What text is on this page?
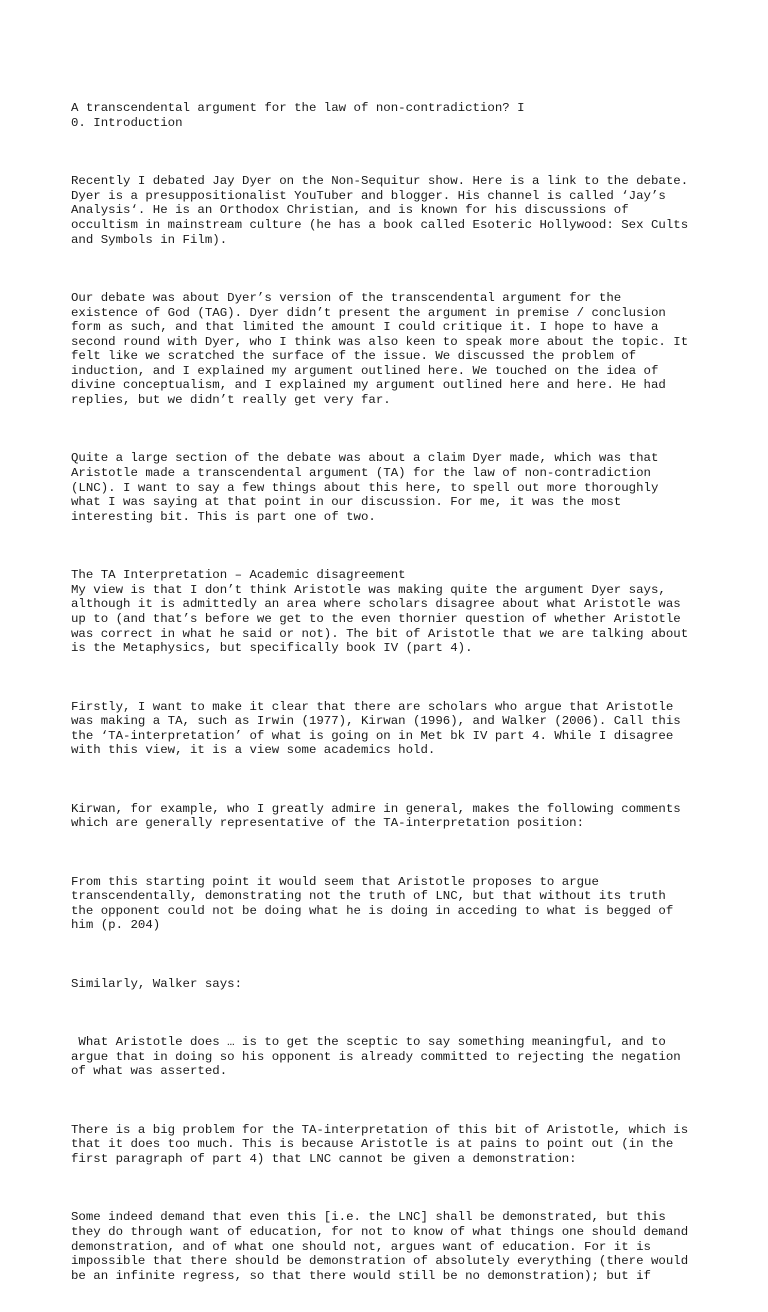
A transcendental argument for the law of non-contradiction? I
0. Introduction

Recently I debated Jay Dyer on the Non-Sequitur show. Here is a link to the debate.
Dyer is a presuppositionalist YouTuber and blogger. His channel is called ‘Jay’s
Analysis‘. He is an Orthodox Christian, and is known for his discussions of
occultism in mainstream culture (he has a book called Esoteric Hollywood: Sex Cults
and Symbols in Film).

Our debate was about Dyer’s version of the transcendental argument for the
existence of God (TAG). Dyer didn’t present the argument in premise / conclusion
form as such, and that limited the amount I could critique it. I hope to have a
second round with Dyer, who I think was also keen to speak more about the topic. It
felt like we scratched the surface of the issue. We discussed the problem of
induction, and I explained my argument outlined here. We touched on the idea of
divine conceptualism, and I explained my argument outlined here and here. He had
replies, but we didn’t really get very far.

Quite a large section of the debate was about a claim Dyer made, which was that
Aristotle made a transcendental argument (TA) for the law of non-contradiction
(LNC). I want to say a few things about this here, to spell out more thoroughly
what I was saying at that point in our discussion. For me, it was the most
interesting bit. This is part one of two.

The TA Interpretation – Academic disagreement
My view is that I don’t think Aristotle was making quite the argument Dyer says,
although it is admittedly an area where scholars disagree about what Aristotle was
up to (and that’s before we get to the even thornier question of whether Aristotle
was correct in what he said or not). The bit of Aristotle that we are talking about
is the Metaphysics, but specifically book IV (part 4).

Firstly, I want to make it clear that there are scholars who argue that Aristotle
was making a TA, such as Irwin (1977), Kirwan (1996), and Walker (2006). Call this
the ‘TA-interpretation’ of what is going on in Met bk IV part 4. While I disagree
with this view, it is a view some academics hold.

Kirwan, for example, who I greatly admire in general, makes the following comments
which are generally representative of the TA-interpretation position:

From this starting point it would seem that Aristotle proposes to argue
transcendentally, demonstrating not the truth of LNC, but that without its truth
the opponent could not be doing what he is doing in acceding to what is begged of
him (p. 204)

Similarly, Walker says:

What Aristotle does … is to get the sceptic to say something meaningful, and to
argue that in doing so his opponent is already committed to rejecting the negation
of what was asserted.

There is a big problem for the TA-interpretation of this bit of Aristotle, which is
that it does too much. This is because Aristotle is at pains to point out (in the
first paragraph of part 4) that LNC cannot be given a demonstration:

Some indeed demand that even this [i.e. the LNC] shall be demonstrated, but this
they do through want of education, for not to know of what things one should demand
demonstration, and of what one should not, argues want of education. For it is
impossible that there should be demonstration of absolutely everything (there would
be an infinite regress, so that there would still be no demonstration); but if
